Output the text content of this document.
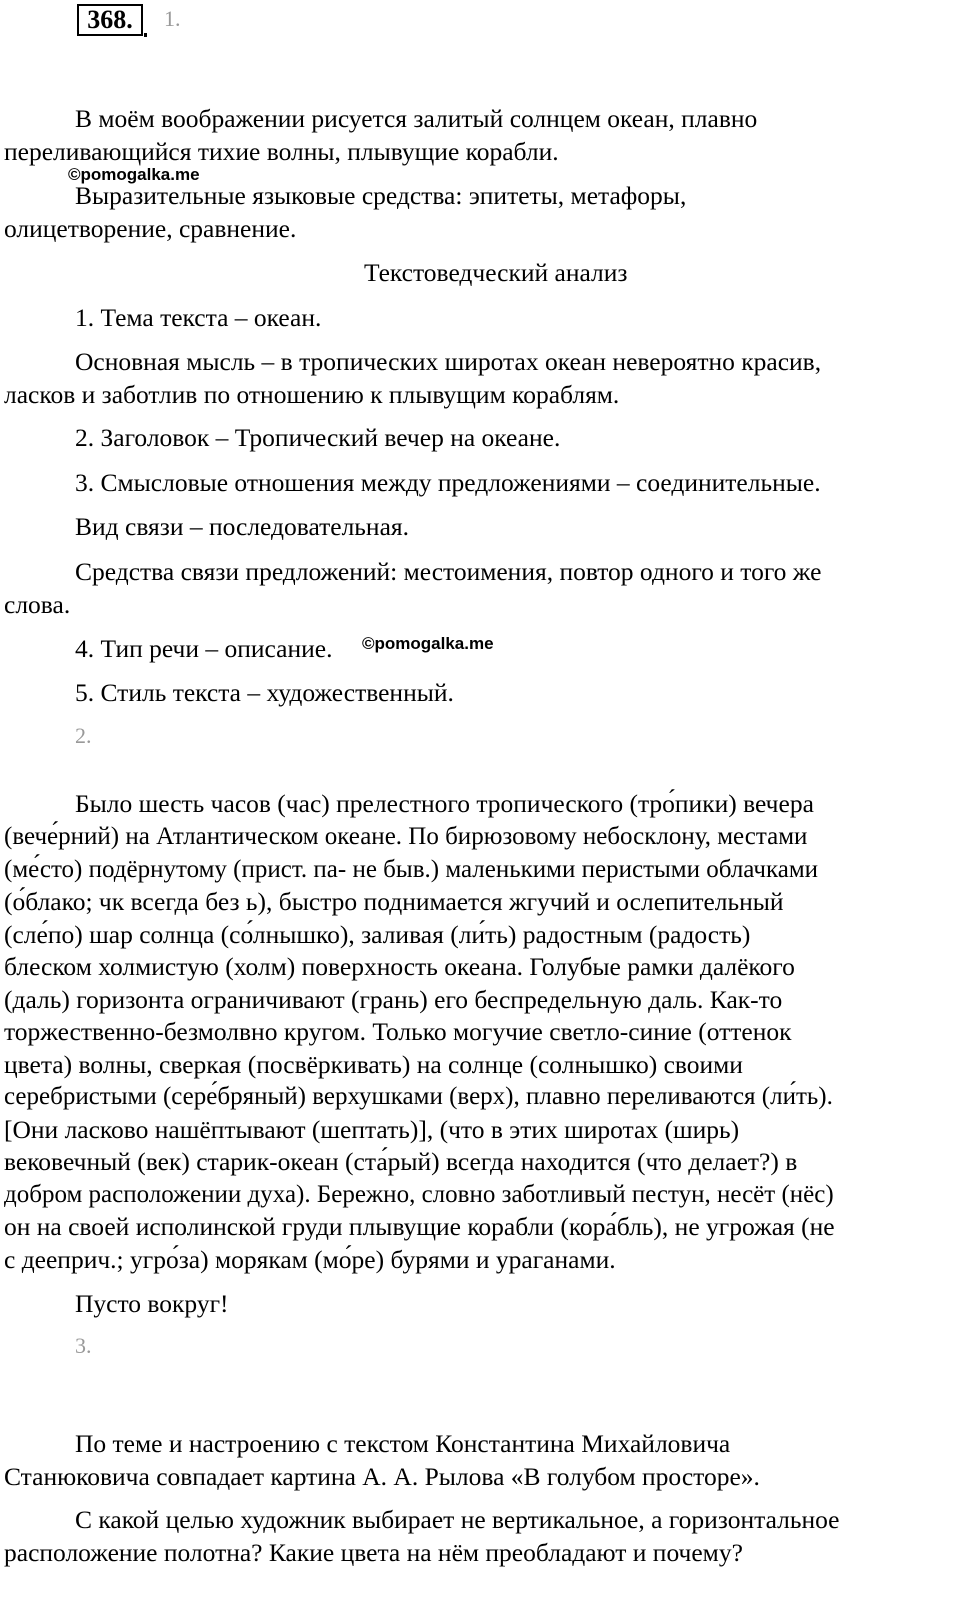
368.	1.
В моём воображении рисуется залитый солнцем океан, плавно
переливающийся тихие волны, плывущие корабли.
©pomogalka.me
Выразительные языковые средства: эпитеты, метафоры,
олицетворение, сравнение.
Текстоведческий анализ
1. Тема текста – океан.
Основная мысль – в тропических широтах океан невероятно красив,
ласков и заботлив по отношению к плывущим кораблям.
2. Заголовок – Тропический вечер на океане.
3. Смысловые отношения между предложениями – соединительные.
Вид связи – последовательная.
Средства связи предложений: местоимения, повтор одного и того же
слова.
4. Тип речи – описание. ©pomogalka.me
5. Стиль текста – художественный.
2.
Было шесть часов (час) прелестного тропического (тро́пики) вечера
(вече́рний) на Атлантическом океане. По бирюзовому небосклону, местами
(ме́сто) подёрнутому (прист. па- не быв.) маленькими перистыми облачками
(о́блако; чк всегда без ь), быстро поднимается жгучий и ослепительный
(сле́по) шар солнца (со́лнышко), заливая (ли́ть) радостным (радость)
блеском холмистую (холм) поверхность океана. Голубые рамки далёкого
(даль) горизонта ограничивают (грань) его беспредельную даль. Как-то
торжественно-безмолвно кругом. Только могучие светло-синие (оттенок
цвета) волны, сверкая (посвёркивать) на солнце (солнышко) своими
серебристыми (сере́бряный) верхушками (верх), плавно переливаются (ли́ть).
[Они ласково нашёптывают (шептать)], (что в этих широтах (ширь)
вековечный (век) старик-океан (ста́рый) всегда находится (что делает?) в
добром расположении духа). Бережно, словно заботливый пестун, несёт (нёс)
он на своей исполинской груди плывущие корабли (кора́бль), не угрожая (не
с дееприч.; угро́за) морякам (мо́ре) бурями и ураганами.
Пусто вокруг!
3.
По теме и настроению с текстом Константина Михайловича
Станюковича совпадает картина А. А. Рылова «В голубом просторе».
С какой целью художник выбирает не вертикальное, а горизонтальное
расположение полотна? Какие цвета на нём преобладают и почему?
